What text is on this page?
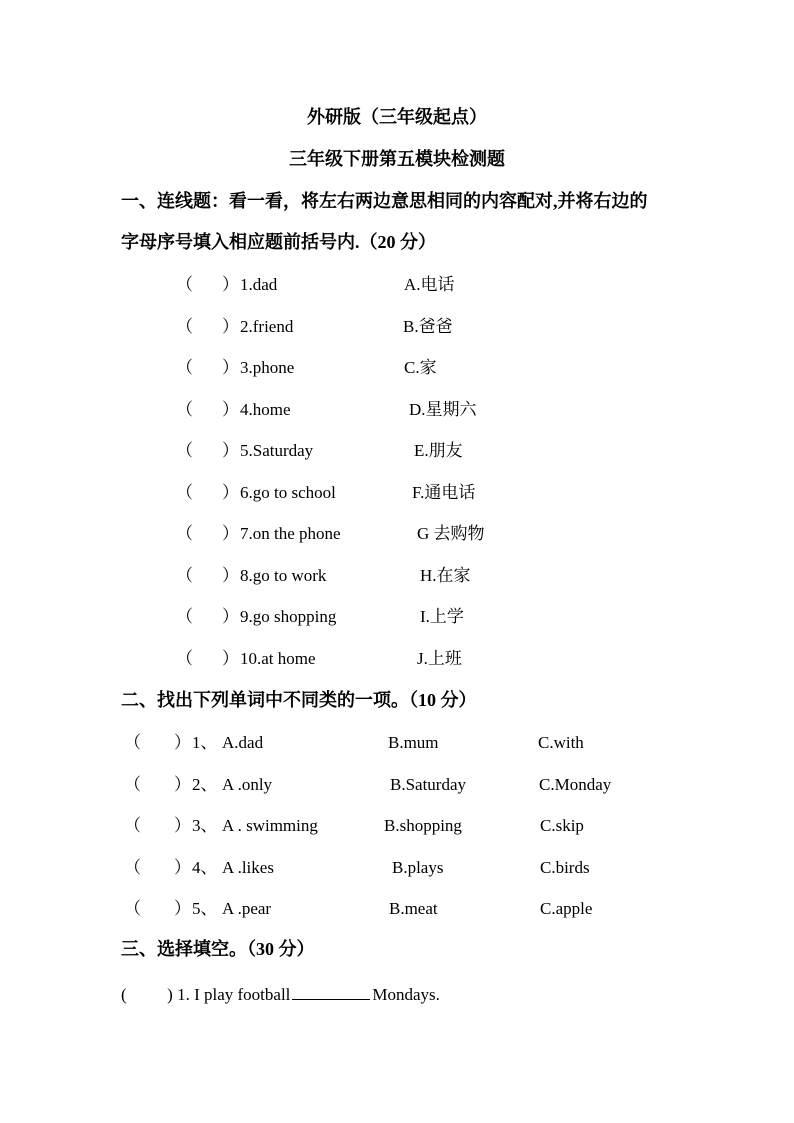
外研版（三年级起点）
三年级下册第五模块检测题
一、连线题：看一看，将左右两边意思相同的内容配对,并将右边的
字母序号填入相应题前括号内.（20 分）
（ ） 1.dad	A.电话
（ ） 2.friend	B.爸爸
（ ） 3.phone	C.家
（ ） 4.home	D.星期六
（ ） 5.Saturday	E.朋友
（ ） 6.go to school	F.通电话
（ ） 7.on the phone	G 去购物
（ ） 8.go to work	H.在家
（ ） 9.go shopping	I.上学
（ ） 10.at home	J.上班
二、找出下列单词中不同类的一项。（10 分）
（ ） 1、 A.dad	B.mum	C.with
（ ） 2、 A .only	B.Saturday	C.Monday
（ ） 3、 A . swimming	B.shopping	C.skip
（ ） 4、 A .likes	B.plays	C.birds
（ ） 5、 A .pear	B.meat	C.apple
三、选择填空。（30 分）
( ) 1. I play football	Mondays.
